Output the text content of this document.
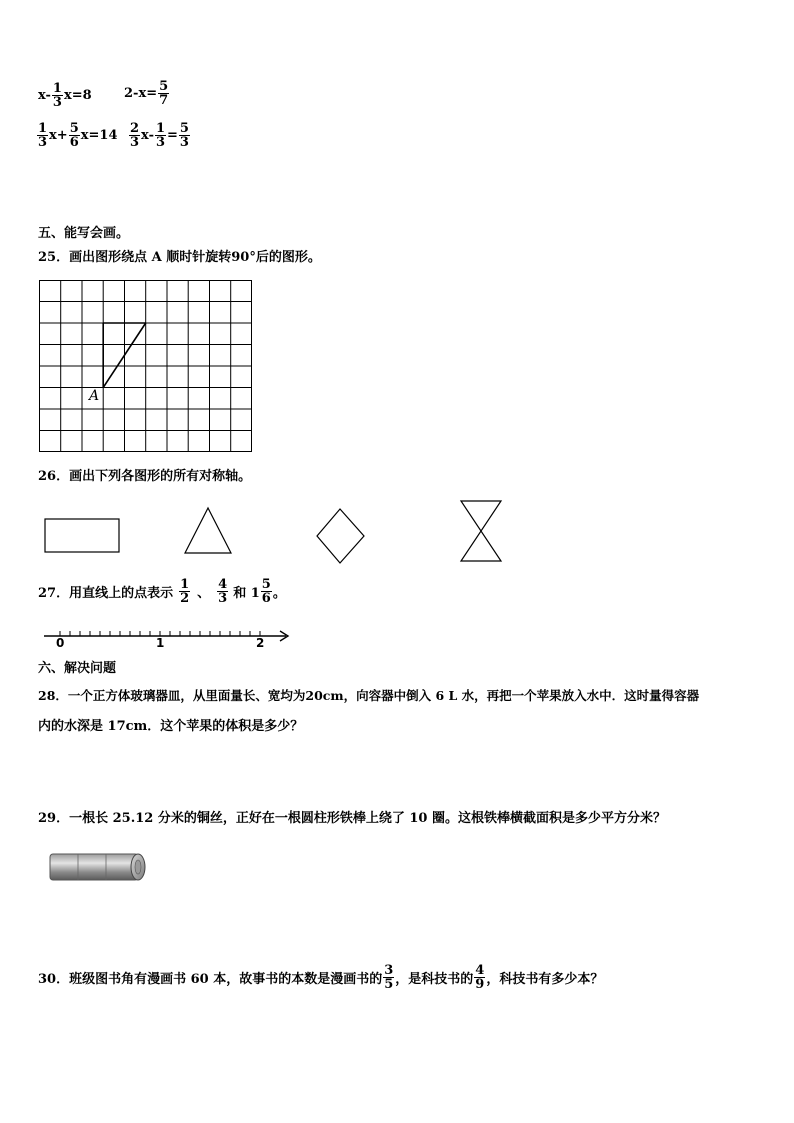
$x- \frac{1}{3} x=8$ $2-x= \frac{5}{7}$
$\frac{1}{3} x+ \frac{5}{6} x=14 \frac{2}{3} x- \frac{1}{3} = \frac{5}{3}$
五、能写会画。
25．画出图形绕点 A 顺时针旋转90°后的图形。
A
26．画出下列各图形的所有对称轴。
27．用直线上的点表示 $\frac{1}{2}$ 、 $\frac{4}{3}$ 和 $1 \frac{5}{6}$ 。
0	1	2
六、解决问题
28．一个正方体玻璃器皿，从里面量长、宽均为20cm，向容器中倒入 6 L 水，再把一个苹果放入水中．这时量得容器
内的水深是 17cm．这个苹果的体积是多少？
29．一根长 25.12 分米的铜丝，正好在一根圆柱形铁棒上绕了 10 圈。这根铁棒横截面积是多少平方分米？
30．班级图书角有漫画书 60 本，故事书的本数是漫画书的 $\frac{3}{5}$ ，是科技书的 $\frac{4}{9}$ ，科技书有多少本？
